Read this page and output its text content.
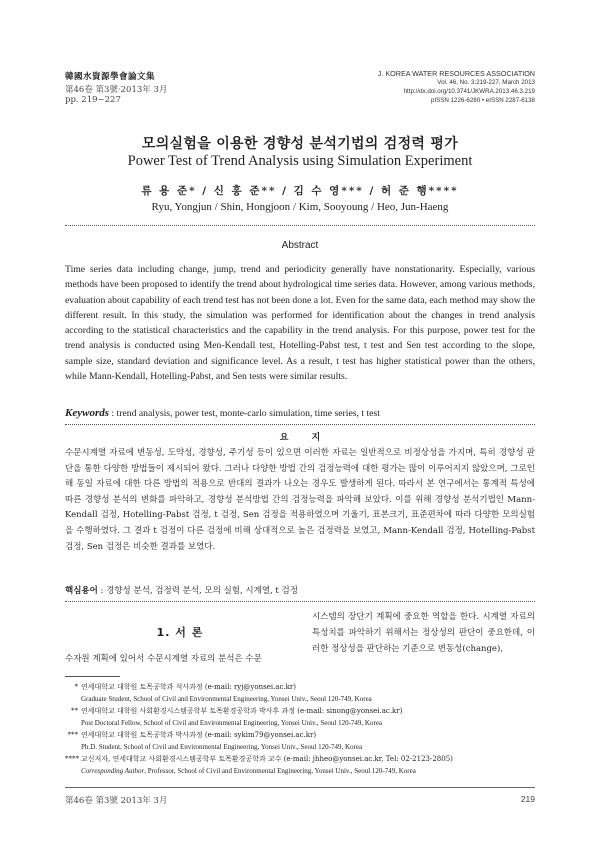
韓國水資源學會論文集
第46卷 第3號·2013年 3月
pp. 219~227
J. KOREA WATER RESOURCES ASSOCIATION
Vol. 46, No. 3:219-227, March 2013
http://dx.doi.org/10.3741/JKWRA.2013.46.3.219
pISSN 1226-6280 • eISSN 2287-6138
모의실험을 이용한 경향성 분석기법의 검정력 평가
Power Test of Trend Analysis using Simulation Experiment
류 용 준* / 신 홍 준** / 김 수 영*** / 허 준 행****
Ryu, Yongjun / Shin, Hongjoon / Kim, Sooyoung / Heo, Jun-Haeng
Abstract
Time series data including change, jump, trend and periodicity generally have nonstationarity. Especially, various methods have been proposed to identify the trend about hydrological time series data. However, among various methods, evaluation about capability of each trend test has not been done a lot. Even for the same data, each method may show the different result. In this study, the simulation was performed for identification about the changes in trend analysis according to the statistical characteristics and the capability in the trend analysis. For this purpose, power test for the trend analysis is conducted using Men-Kendall test, Hotelling-Pabst test, t test and Sen test according to the slope, sample size, standard deviation and significance level. As a result, t test has higher statistical power than the others, while Mann-Kendall, Hotelling-Pabst, and Sen tests were similar results.
Keywords : trend analysis, power test, monte-carlo simulation, time series, t test
요 지
수문시계열 자료에 변동성, 도약성, 경향성, 주기성 등이 있으면 이러한 자료는 일반적으로 비정상성을 가지며, 특히 경향성 판단을 통한 다양한 방법들이 제시되어 왔다. 그러나 다양한 방법 간의 검정능력에 대한 평가는 많이 이루어지지 않았으며, 그로인해 동일 자료에 대한 다른 방법의 적용으로 반대의 결과가 나오는 경우도 발생하게 된다. 따라서 본 연구에서는 통계적 특성에 따른 경향성 분석의 변화를 파악하고, 경향성 분석방법 간의 검정능력을 파악해 보았다. 이를 위해 경향성 분석기법인 Mann-Kendall 검정, Hotelling-Pabst 검정, t 검정, Sen 검정을 적용하였으며 기울기, 표본크기, 표준편차에 따라 다양한 모의실험을 수행하였다. 그 결과 t 검정이 다른 검정에 비해 상대적으로 높은 검정력을 보였고, Mann-Kendall 검정, Hotelling-Pabst 검정, Sen 검정은 비슷한 결과를 보였다.
핵심용어 : 경향성 분석, 검정력 분석, 모의 실험, 시계열, t 검정
1. 서 론
수자원 계획에 있어서 수문시계열 자료의 분석은 수문
시스템의 장단기 계획에 중요한 역할을 한다. 시계열 자료의 특성치를 파악하기 위해서는 정상성의 판단이 중요한데, 이러한 정상성을 판단하는 기준으로 변동성(change),
* 연세대학교 대학원 토목공학과 석사과정 (e-mail: ryj@yonsei.ac.kr)
Graduate Student, School of Civil and Environmental Engineering, Yonsei Univ., Seoul 120-749, Korea
** 연세대학교 대학원 사회환경시스템공학부 토목환경공학과 박사후 과정 (e-mail: sinong@yonsei.ac.kr)
Post Doctoral Fellow, School of Civil and Environmental Engineering, Yonsei Univ., Seoul 120-749, Korea
*** 연세대학교 대학원 토목공학과 박사과정 (e-mail: sykim79@yonsei.ac.kr)
Ph.D. Student, School of Civil and Environmental Engineering, Yonsei Univ., Seoul 120-749, Korea
**** 교신저자, 연세대학교 사회환경시스템공학부 토목환경공학과 교수 (e-mail: jhheo@yonsei.ac.kr, Tel: 02-2123-2805)
Corresponding Author, Professor, School of Civil and Environmental Engineering, Yonsei Univ., Seoul 120-749, Korea
第46卷 第3號 2013年 3月	219
